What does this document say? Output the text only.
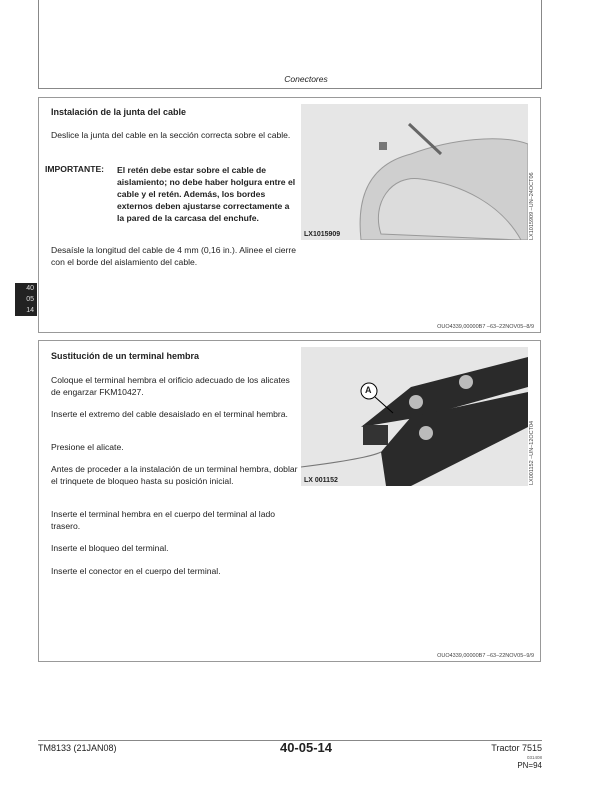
Conectores
40
05
14
Instalación de la junta del cable
Deslice la junta del cable en la sección correcta sobre el cable.
IMPORTANTE: El retén debe estar sobre el cable de aislamiento; no debe haber holgura entre el cable y el retén. Además, los bordes externos deben ajustarse correctamente a la pared de la carcasa del enchufe.
Desaísle la longitud del cable de 4 mm (0,16 in.). Alinee el cierre con el borde del aislamiento del cable.
LX1015909	LX1015909 –UN–24OCT06
OUO4339,00000B7 –63–22NOV05–8/9
Sustitución de un terminal hembra
Coloque el terminal hembra el orificio adecuado de los alicates de engarzar FKM10427.
Inserte el extremo del cable desaislado en el terminal hembra.
Presione el alicate.
Antes de proceder a la instalación de un terminal hembra, doblar el trinquete de bloqueo hasta su posición inicial.
Inserte el terminal hembra en el cuerpo del terminal al lado trasero.
Inserte el bloqueo del terminal.
Inserte el conector en el cuerpo del terminal.
A
LX 001152	LX001152 –UN–12OCT04
OUO4339,00000B7 –63–22NOV05–9/9
TM8133 (21JAN08)	40-05-14	Tractor 7515
031408
PN=94
